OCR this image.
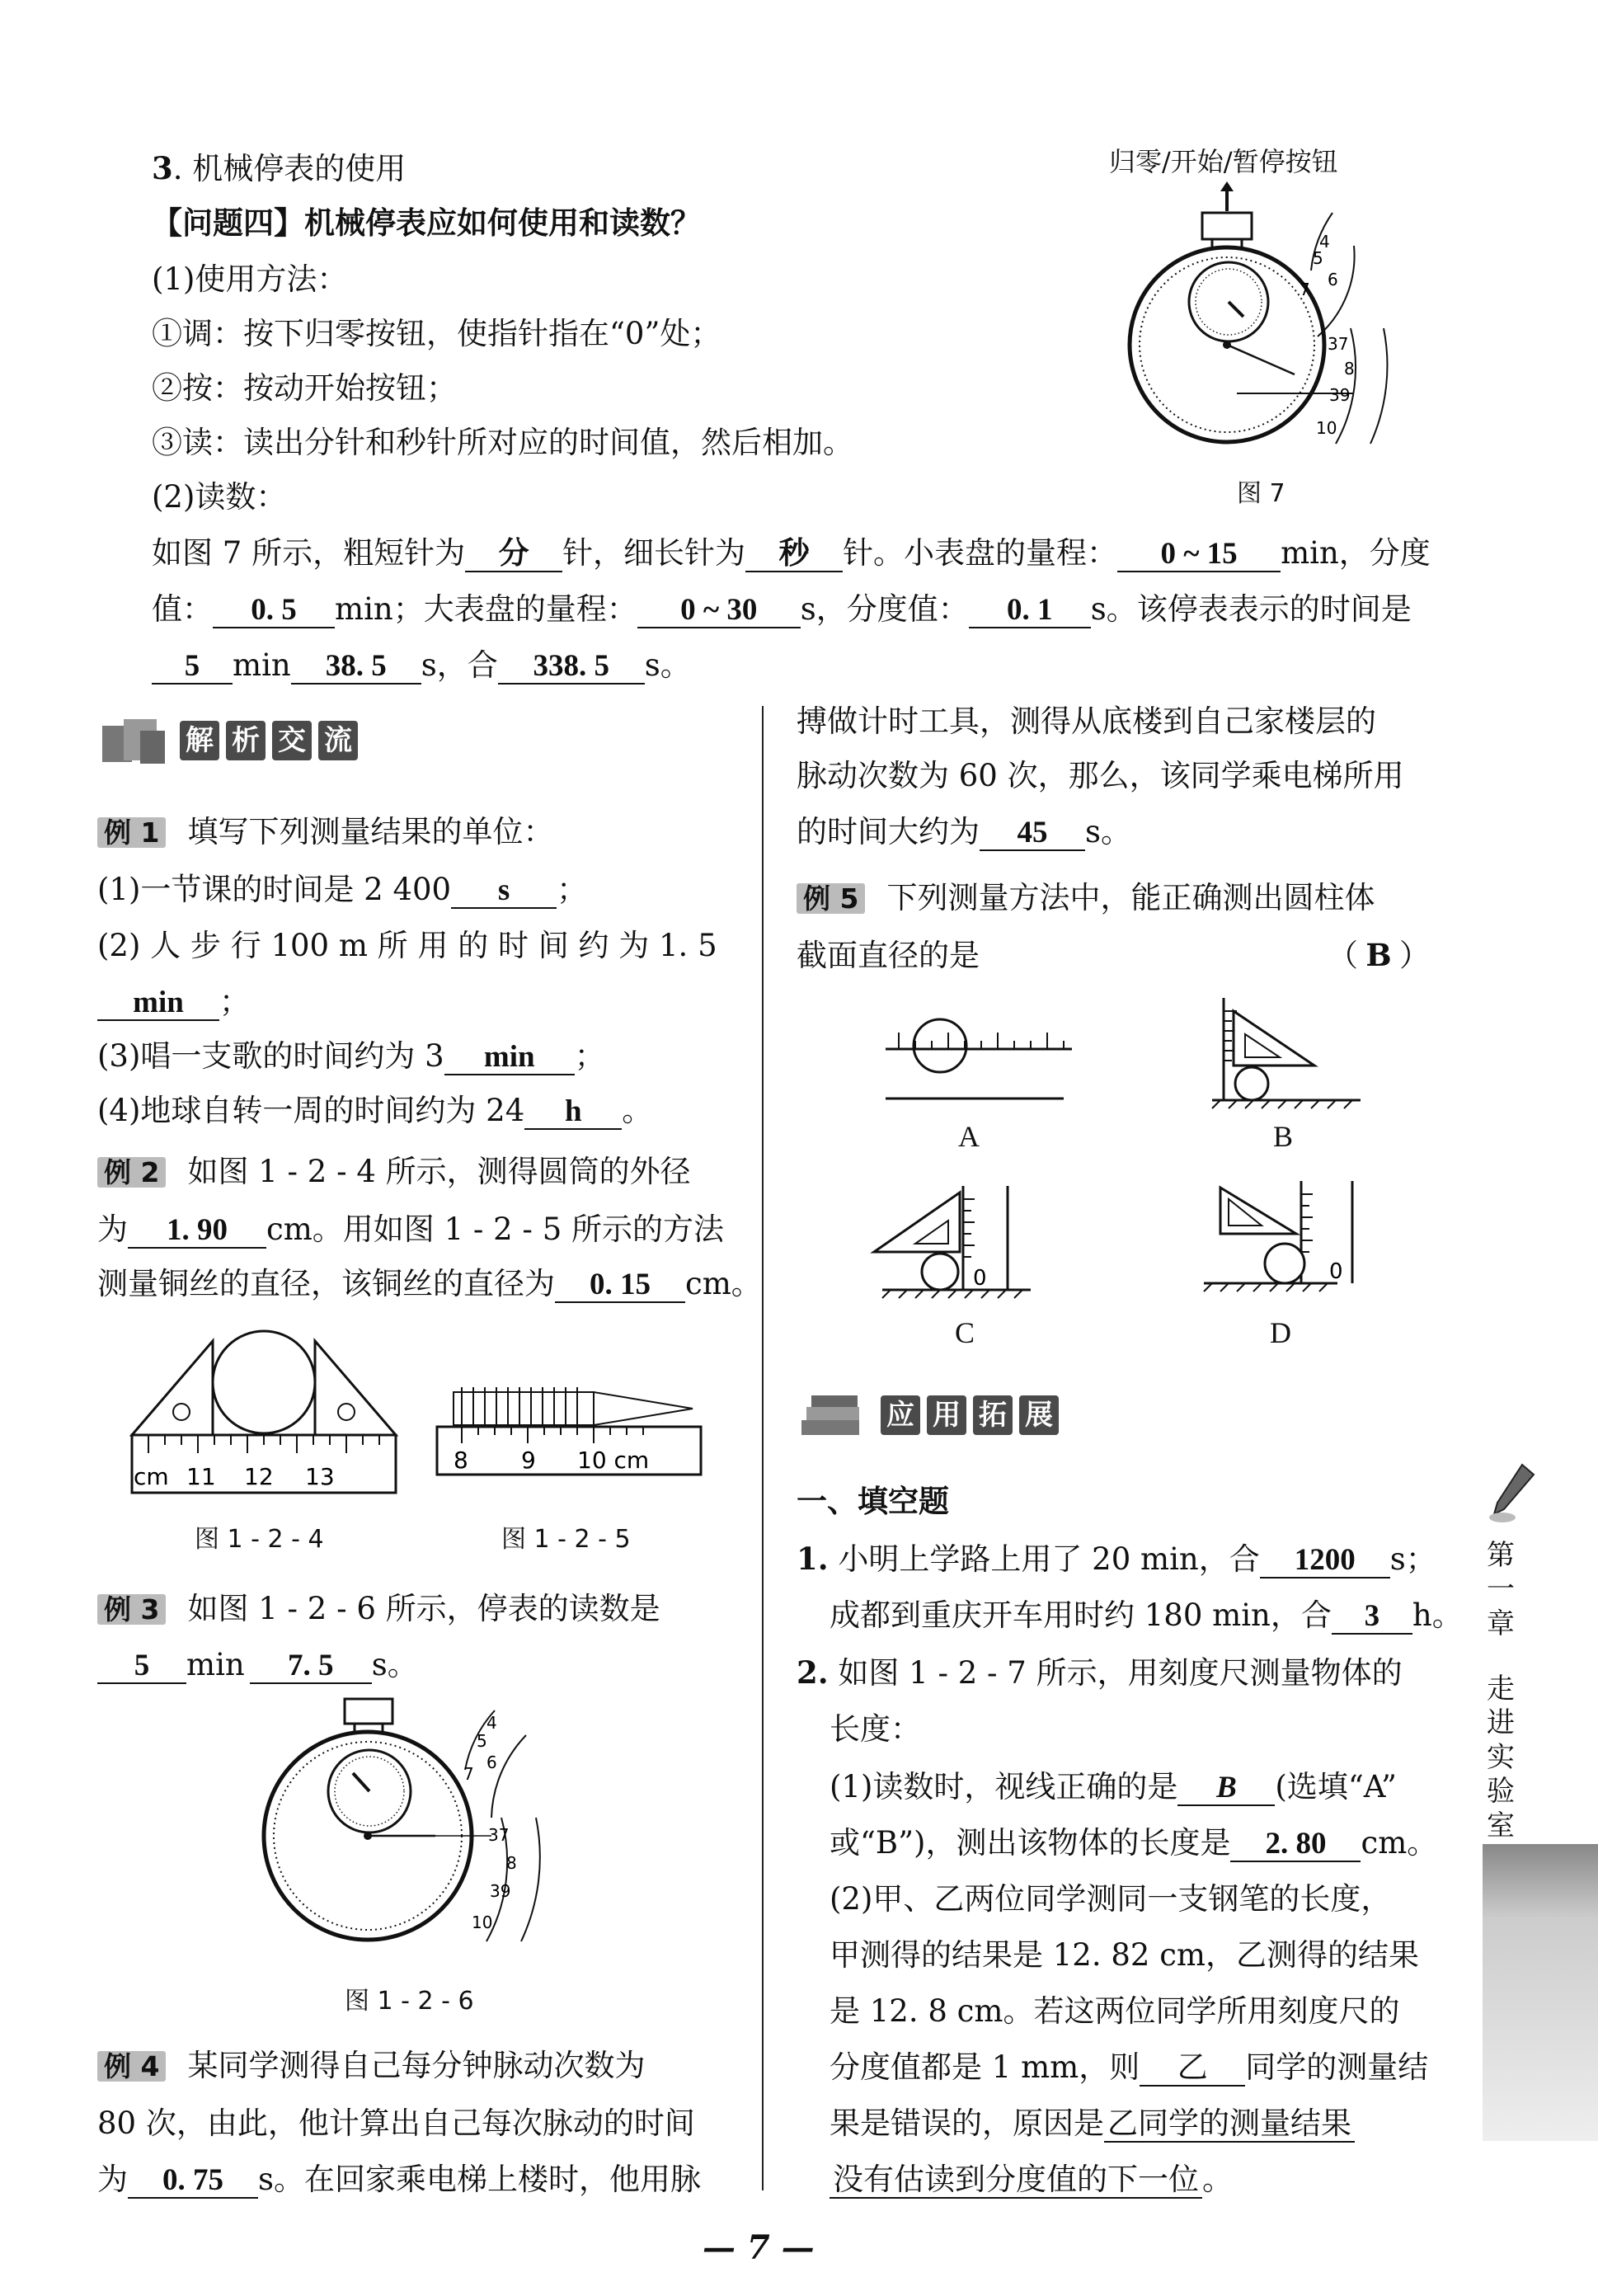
3. 机械停表的使用
【问题四】机械停表应如何使用和读数？
(1)使用方法：
①调：按下归零按钮，使指针指在“0”处；
②按：按动开始按钮；
③读：读出分针和秒针所对应的时间值，然后相加。
(2)读数：
如图 7 所示，粗短针为 分 针，细长针为 秒 针。小表盘的量程： 0 ~ 15 min，分度
值： 0. 5 min；大表盘的量程： 0 ~ 30 s，分度值： 0. 1 s。该停表表示的时间是
5 min 38. 5 s，合 338. 5 s。
归零/开始/暂停按钮
4
5
6
7
37
8
39
10
图 7
解 析 交 流
例 1 填写下列测量结果的单位：
(1)一节课的时间是 2 400 s ；
(2) 人 步 行 100 m 所 用 的 时 间 约 为 1. 5
min ；
(3)唱一支歌的时间约为 3 min ；
(4)地球自转一周的时间约为 24 h 。
例 2 如图 1 - 2 - 4 所示，测得圆筒的外径
为 1. 90 cm。用如图 1 - 2 - 5 所示的方法
测量铜丝的直径，该铜丝的直径为 0. 15 cm。
cm 11 12 13
图 1 - 2 - 4
8 9 10 cm
图 1 - 2 - 5
例 3 如图 1 - 2 - 6 所示，停表的读数是
5 min 7. 5 s。
4
5
6
7
37
8
39
10
图 1 - 2 - 6
例 4 某同学测得自己每分钟脉动次数为
80 次，由此，他计算出自己每次脉动的时间
为 0. 75 s。在回家乘电梯上楼时，他用脉
搏做计时工具，测得从底楼到自己家楼层的
脉动次数为 60 次，那么，该同学乘电梯所用
的时间大约为 45 s。
例 5 下列测量方法中，能正确测出圆柱体
截面直径的是	（ B ）
A	B
0
C
0
D
应 用 拓 展
一、填空题
1. 小明上学路上用了 20 min，合 1200 s；
成都到重庆开车用时约 180 min，合 3 h。
2. 如图 1 - 2 - 7 所示，用刻度尺测量物体的
长度：
(1)读数时，视线正确的是 B (选填“A”
或“B”)，测出该物体的长度是 2. 80 cm。
(2)甲、乙两位同学测同一支钢笔的长度，
甲测得的结果是 12. 82 cm，乙测得的结果
是 12. 8 cm。若这两位同学所用刻度尺的
分度值都是 1 mm，则 乙 同学的测量结
果是错误的，原因是 乙同学的测量结果
没有估读到分度值的下一位 。
第一章
走进实验室
— 7 —
